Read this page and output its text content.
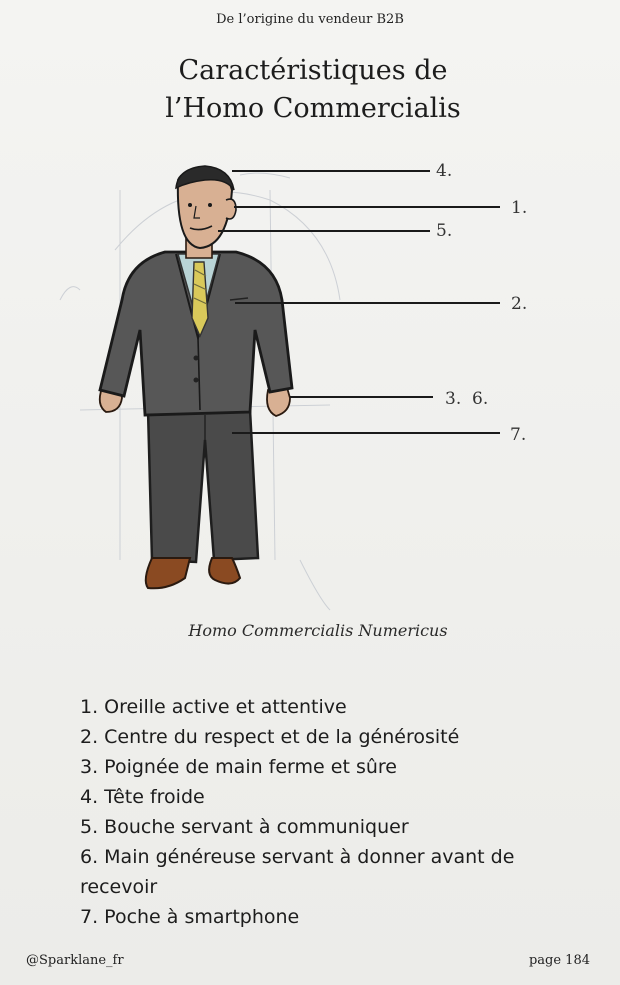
De l’origine du vendeur B2B
Caractéristiques de
l’Homo Commercialis
4.
1.
5.
2.
3. 6.
7.
Homo Commercialis Numericus
1. Oreille active et attentive
2. Centre du respect et de la générosité
3. Poignée de main ferme et sûre
4. Tête froide
5. Bouche servant à communiquer
6. Main généreuse servant à donner avant de recevoir
7. Poche à smartphone
@Sparklane_fr	page 184
